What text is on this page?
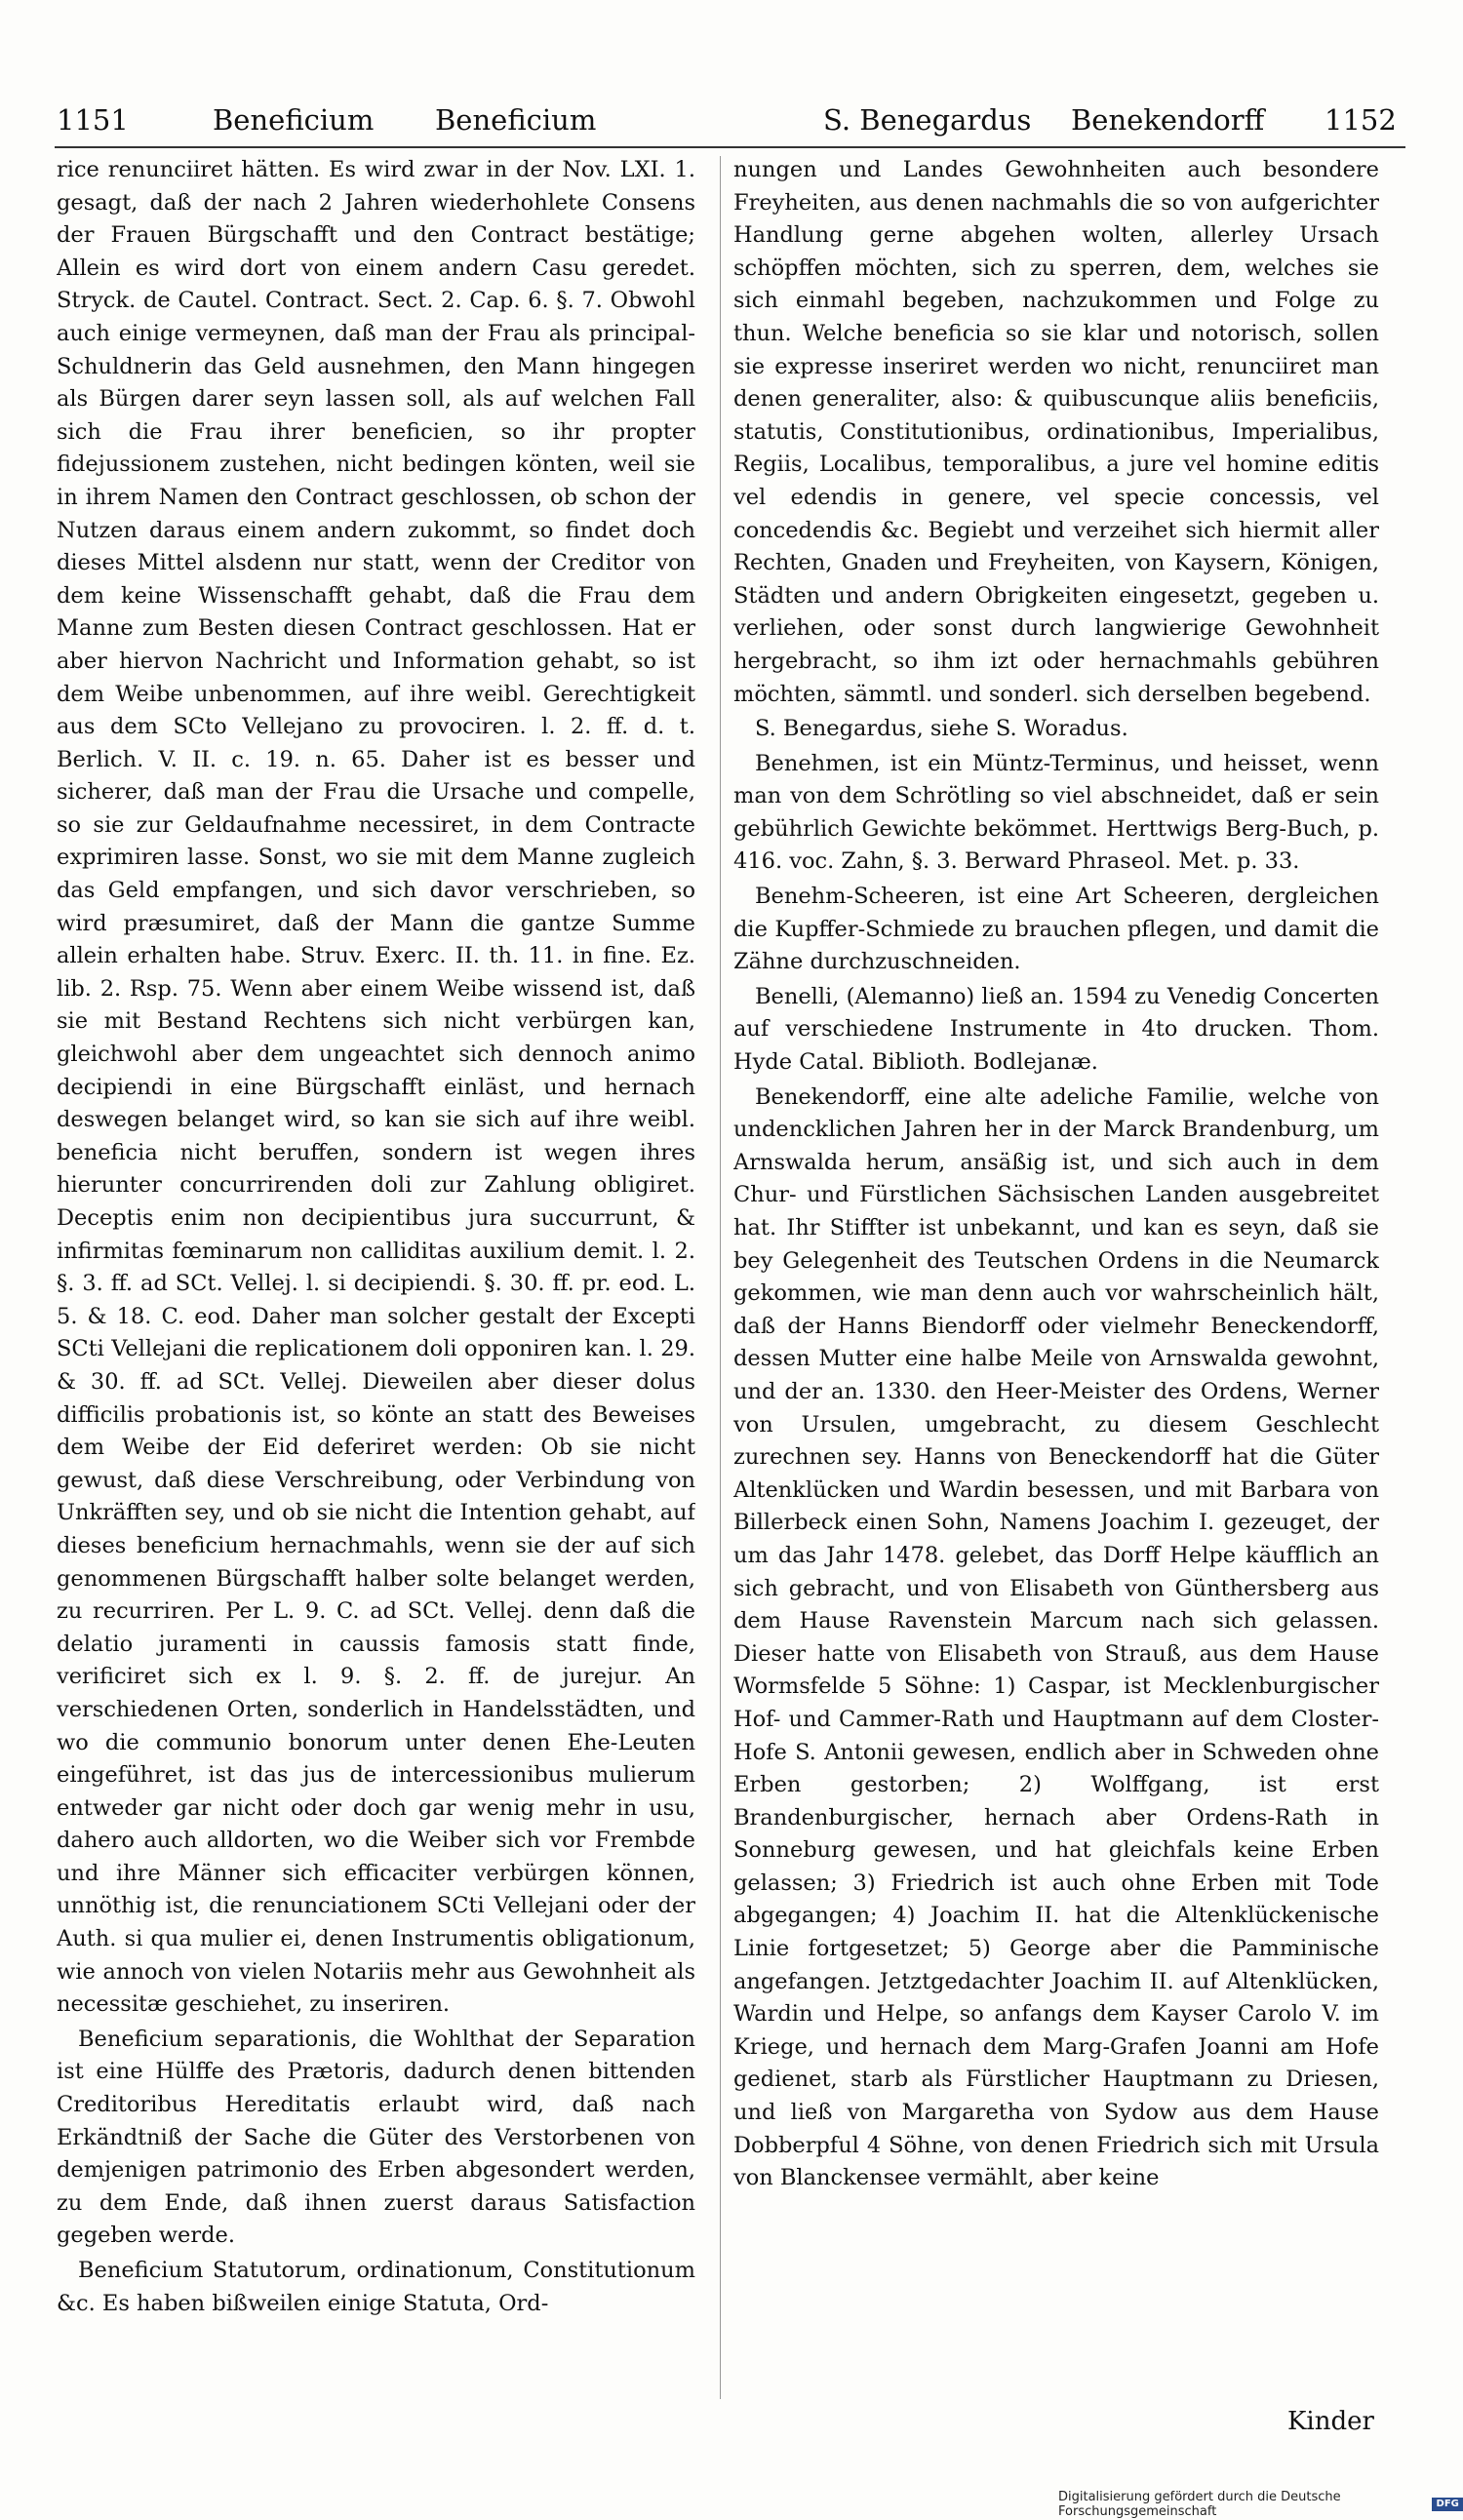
1151	Beneficium Beneficium	S. Benegardus Benekendorff 1152

rice renunciiret hätten. Es wird zwar in der Nov. LXI. 1. gesagt, daß der nach 2 Jahren wiederhohlete Consens der Frauen Bürgschafft und den Contract bestätige; Allein es wird dort von einem andern Casu geredet. Stryck. de Cautel. Contract. Sect. 2. Cap. 6. §. 7. Obwohl auch einige vermeynen, daß man der Frau als principal-Schuldnerin das Geld ausnehmen, den Mann hingegen als Bürgen darer seyn lassen soll, als auf welchen Fall sich die Frau ihrer beneficien, so ihr propter fidejussionem zustehen, nicht bedingen könten, weil sie in ihrem Namen den Contract geschlossen, ob schon der Nutzen daraus einem andern zukommt, so findet doch dieses Mittel alsdenn nur statt, wenn der Creditor von dem keine Wissenschafft gehabt, daß die Frau dem Manne zum Besten diesen Contract geschlossen. Hat er aber hiervon Nachricht und Information gehabt, so ist dem Weibe unbenommen, auf ihre weibl. Gerechtigkeit aus dem SCto Vellejano zu provociren. l. 2. ff. d. t. Berlich. V. II. c. 19. n. 65. Daher ist es besser und sicherer, daß man der Frau die Ursache und compelle, so sie zur Geldaufnahme necessiret, in dem Contracte exprimiren lasse. Sonst, wo sie mit dem Manne zugleich das Geld empfangen, und sich davor verschrieben, so wird præsumiret, daß der Mann die gantze Summe allein erhalten habe. Struv. Exerc. II. th. 11. in fine. Ez. lib. 2. Rsp. 75. Wenn aber einem Weibe wissend ist, daß sie mit Bestand Rechtens sich nicht verbürgen kan, gleichwohl aber dem ungeachtet sich dennoch animo decipiendi in eine Bürgschafft einläst, und hernach deswegen belanget wird, so kan sie sich auf ihre weibl. beneficia nicht beruffen, sondern ist wegen ihres hierunter concurrirenden doli zur Zahlung obligiret. Deceptis enim non decipientibus jura succurrunt, & infirmitas fœminarum non calliditas auxilium demit. l. 2. §. 3. ff. ad SCt. Vellej. l. si decipiendi. §. 30. ff. pr. eod. L. 5. & 18. C. eod. Daher man solcher gestalt der Excepti SCti Vellejani die replicationem doli opponiren kan. l. 29. & 30. ff. ad SCt. Vellej. Dieweilen aber dieser dolus difficilis probationis ist, so könte an statt des Beweises dem Weibe der Eid deferiret werden: Ob sie nicht gewust, daß diese Verschreibung, oder Verbindung von Unkräfften sey, und ob sie nicht die Intention gehabt, auf dieses beneficium hernachmahls, wenn sie der auf sich genommenen Bürgschafft halber solte belanget werden, zu recurriren. Per L. 9. C. ad SCt. Vellej. denn daß die delatio juramenti in caussis famosis statt finde, verificiret sich ex l. 9. §. 2. ff. de jurejur. An verschiedenen Orten, sonderlich in Handelsstädten, und wo die communio bonorum unter denen Ehe-Leuten eingeführet, ist das jus de intercessionibus mulierum entweder gar nicht oder doch gar wenig mehr in usu, dahero auch alldorten, wo die Weiber sich vor Frembde und ihre Männer sich efficaciter verbürgen können, unnöthig ist, die renunciationem SCti Vellejani oder der Auth. si qua mulier ei, denen Instrumentis obligationum, wie annoch von vielen Notariis mehr aus Gewohnheit als necessitæ geschiehet, zu inseriren.

Beneficium separationis, die Wohlthat der Separation ist eine Hülffe des Prætoris, dadurch denen bittenden Creditoribus Hereditatis erlaubt wird, daß nach Erkändtniß der Sache die Güter des Verstorbenen von demjenigen patrimonio des Erben abgesondert werden, zu dem Ende, daß ihnen zuerst daraus Satisfaction gegeben werde.

Beneficium Statutorum, ordinationum, Constitutionum &c. Es haben bißweilen einige Statuta, Ord-

nungen und Landes Gewohnheiten auch besondere Freyheiten, aus denen nachmahls die so von aufgerichter Handlung gerne abgehen wolten, allerley Ursach schöpffen möchten, sich zu sperren, dem, welches sie sich einmahl begeben, nachzukommen und Folge zu thun. Welche beneficia so sie klar und notorisch, sollen sie expresse inseriret werden wo nicht, renunciiret man denen generaliter, also: & quibuscunque aliis beneficiis, statutis, Constitutionibus, ordinationibus, Imperialibus, Regiis, Localibus, temporalibus, a jure vel homine editis vel edendis in genere, vel specie concessis, vel concedendis &c. Begiebt und verzeihet sich hiermit aller Rechten, Gnaden und Freyheiten, von Kaysern, Königen, Städten und andern Obrigkeiten eingesetzt, gegeben u. verliehen, oder sonst durch langwierige Gewohnheit hergebracht, so ihm izt oder hernachmahls gebühren möchten, sämmtl. und sonderl. sich derselben begebend.

S. Benegardus, siehe S. Woradus.

Benehmen, ist ein Müntz-Terminus, und heisset, wenn man von dem Schrötling so viel abschneidet, daß er sein gebührlich Gewichte bekömmet. Herttwigs Berg-Buch, p. 416. voc. Zahn, §. 3. Berward Phraseol. Met. p. 33.

Benehm-Scheeren, ist eine Art Scheeren, dergleichen die Kupffer-Schmiede zu brauchen pflegen, und damit die Zähne durchzuschneiden.

Benelli, (Alemanno) ließ an. 1594 zu Venedig Concerten auf verschiedene Instrumente in 4to drucken. Thom. Hyde Catal. Biblioth. Bodlejanæ.

Benekendorff, eine alte adeliche Familie, welche von undencklichen Jahren her in der Marck Brandenburg, um Arnswalda herum, ansäßig ist, und sich auch in dem Chur- und Fürstlichen Sächsischen Landen ausgebreitet hat. Ihr Stiffter ist unbekannt, und kan es seyn, daß sie bey Gelegenheit des Teutschen Ordens in die Neumarck gekommen, wie man denn auch vor wahrscheinlich hält, daß der Hanns Biendorff oder vielmehr Beneckendorff, dessen Mutter eine halbe Meile von Arnswalda gewohnt, und der an. 1330. den Heer-Meister des Ordens, Werner von Ursulen, umgebracht, zu diesem Geschlecht zurechnen sey. Hanns von Beneckendorff hat die Güter Altenklücken und Wardin besessen, und mit Barbara von Billerbeck einen Sohn, Namens Joachim I. gezeuget, der um das Jahr 1478. gelebet, das Dorff Helpe käufflich an sich gebracht, und von Elisabeth von Günthersberg aus dem Hause Ravenstein Marcum nach sich gelassen. Dieser hatte von Elisabeth von Strauß, aus dem Hause Wormsfelde 5 Söhne: 1) Caspar, ist Mecklenburgischer Hof- und Cammer-Rath und Hauptmann auf dem Closter-Hofe S. Antonii gewesen, endlich aber in Schweden ohne Erben gestorben; 2) Wolffgang, ist erst Brandenburgischer, hernach aber Ordens-Rath in Sonneburg gewesen, und hat gleichfals keine Erben gelassen; 3) Friedrich ist auch ohne Erben mit Tode abgegangen; 4) Joachim II. hat die Altenklückenische Linie fortgesetzet; 5) George aber die Pamminische angefangen. Jetztgedachter Joachim II. auf Altenklücken, Wardin und Helpe, so anfangs dem Kayser Carolo V. im Kriege, und hernach dem Marg-Grafen Joanni am Hofe gedienet, starb als Fürstlicher Hauptmann zu Driesen, und ließ von Margaretha von Sydow aus dem Hause Dobberpful 4 Söhne, von denen Friedrich sich mit Ursula von Blanckensee vermählt, aber keine

Kinder
Digitalisierung gefördert durch die Deutsche Forschungsgemeinschaft
DFG
